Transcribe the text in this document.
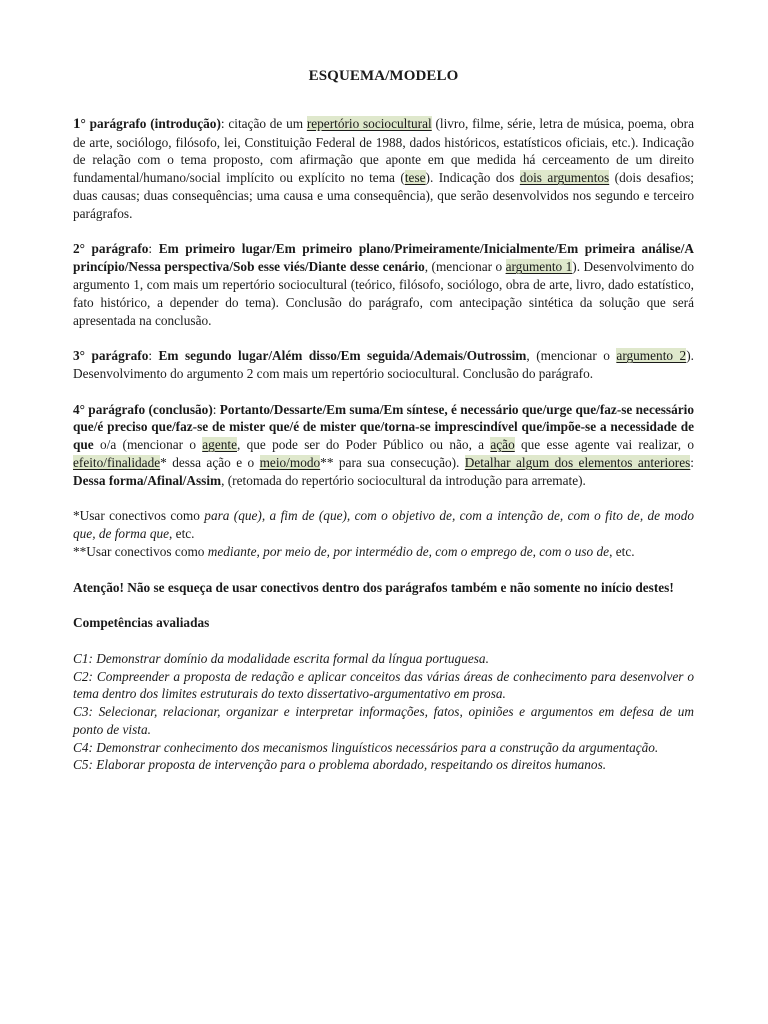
ESQUEMA/MODELO

1° parágrafo (introdução): citação de um repertório sociocultural (livro, filme, série, letra de música, poema, obra de arte, sociólogo, filósofo, lei, Constituição Federal de 1988, dados históricos, estatísticos oficiais, etc.). Indicação de relação com o tema proposto, com afirmação que aponte em que medida há cerceamento de um direito fundamental/humano/social implícito ou explícito no tema (tese). Indicação dos dois argumentos (dois desafios; duas causas; duas consequências; uma causa e uma consequência), que serão desenvolvidos nos segundo e terceiro parágrafos.

2° parágrafo: Em primeiro lugar/Em primeiro plano/Primeiramente/Inicialmente/Em primeira análise/A princípio/Nessa perspectiva/Sob esse viés/Diante desse cenário, (mencionar o argumento 1). Desenvolvimento do argumento 1, com mais um repertório sociocultural (teórico, filósofo, sociólogo, obra de arte, livro, dado estatístico, fato histórico, a depender do tema). Conclusão do parágrafo, com antecipação sintética da solução que será apresentada na conclusão.

3° parágrafo: Em segundo lugar/Além disso/Em seguida/Ademais/Outrossim, (mencionar o argumento 2). Desenvolvimento do argumento 2 com mais um repertório sociocultural. Conclusão do parágrafo.

4° parágrafo (conclusão): Portanto/Dessarte/Em suma/Em síntese, é necessário que/urge que/faz-se necessário que/é preciso que/faz-se de mister que/é de mister que/torna-se imprescindível que/impõe-se a necessidade de que o/a (mencionar o agente, que pode ser do Poder Público ou não, a ação que esse agente vai realizar, o efeito/finalidade* dessa ação e o meio/modo** para sua consecução). Detalhar algum dos elementos anteriores: Dessa forma/Afinal/Assim, (retomada do repertório sociocultural da introdução para arremate).

*Usar conectivos como para (que), a fim de (que), com o objetivo de, com a intenção de, com o fito de, de modo que, de forma que, etc.

**Usar conectivos como mediante, por meio de, por intermédio de, com o emprego de, com o uso de, etc.

Atenção! Não se esqueça de usar conectivos dentro dos parágrafos também e não somente no início destes!

Competências avaliadas

C1: Demonstrar domínio da modalidade escrita formal da língua portuguesa.

C2: Compreender a proposta de redação e aplicar conceitos das várias áreas de conhecimento para desenvolver o tema dentro dos limites estruturais do texto dissertativo-argumentativo em prosa.

C3: Selecionar, relacionar, organizar e interpretar informações, fatos, opiniões e argumentos em defesa de um ponto de vista.

C4: Demonstrar conhecimento dos mecanismos linguísticos necessários para a construção da argumentação.

C5: Elaborar proposta de intervenção para o problema abordado, respeitando os direitos humanos.
